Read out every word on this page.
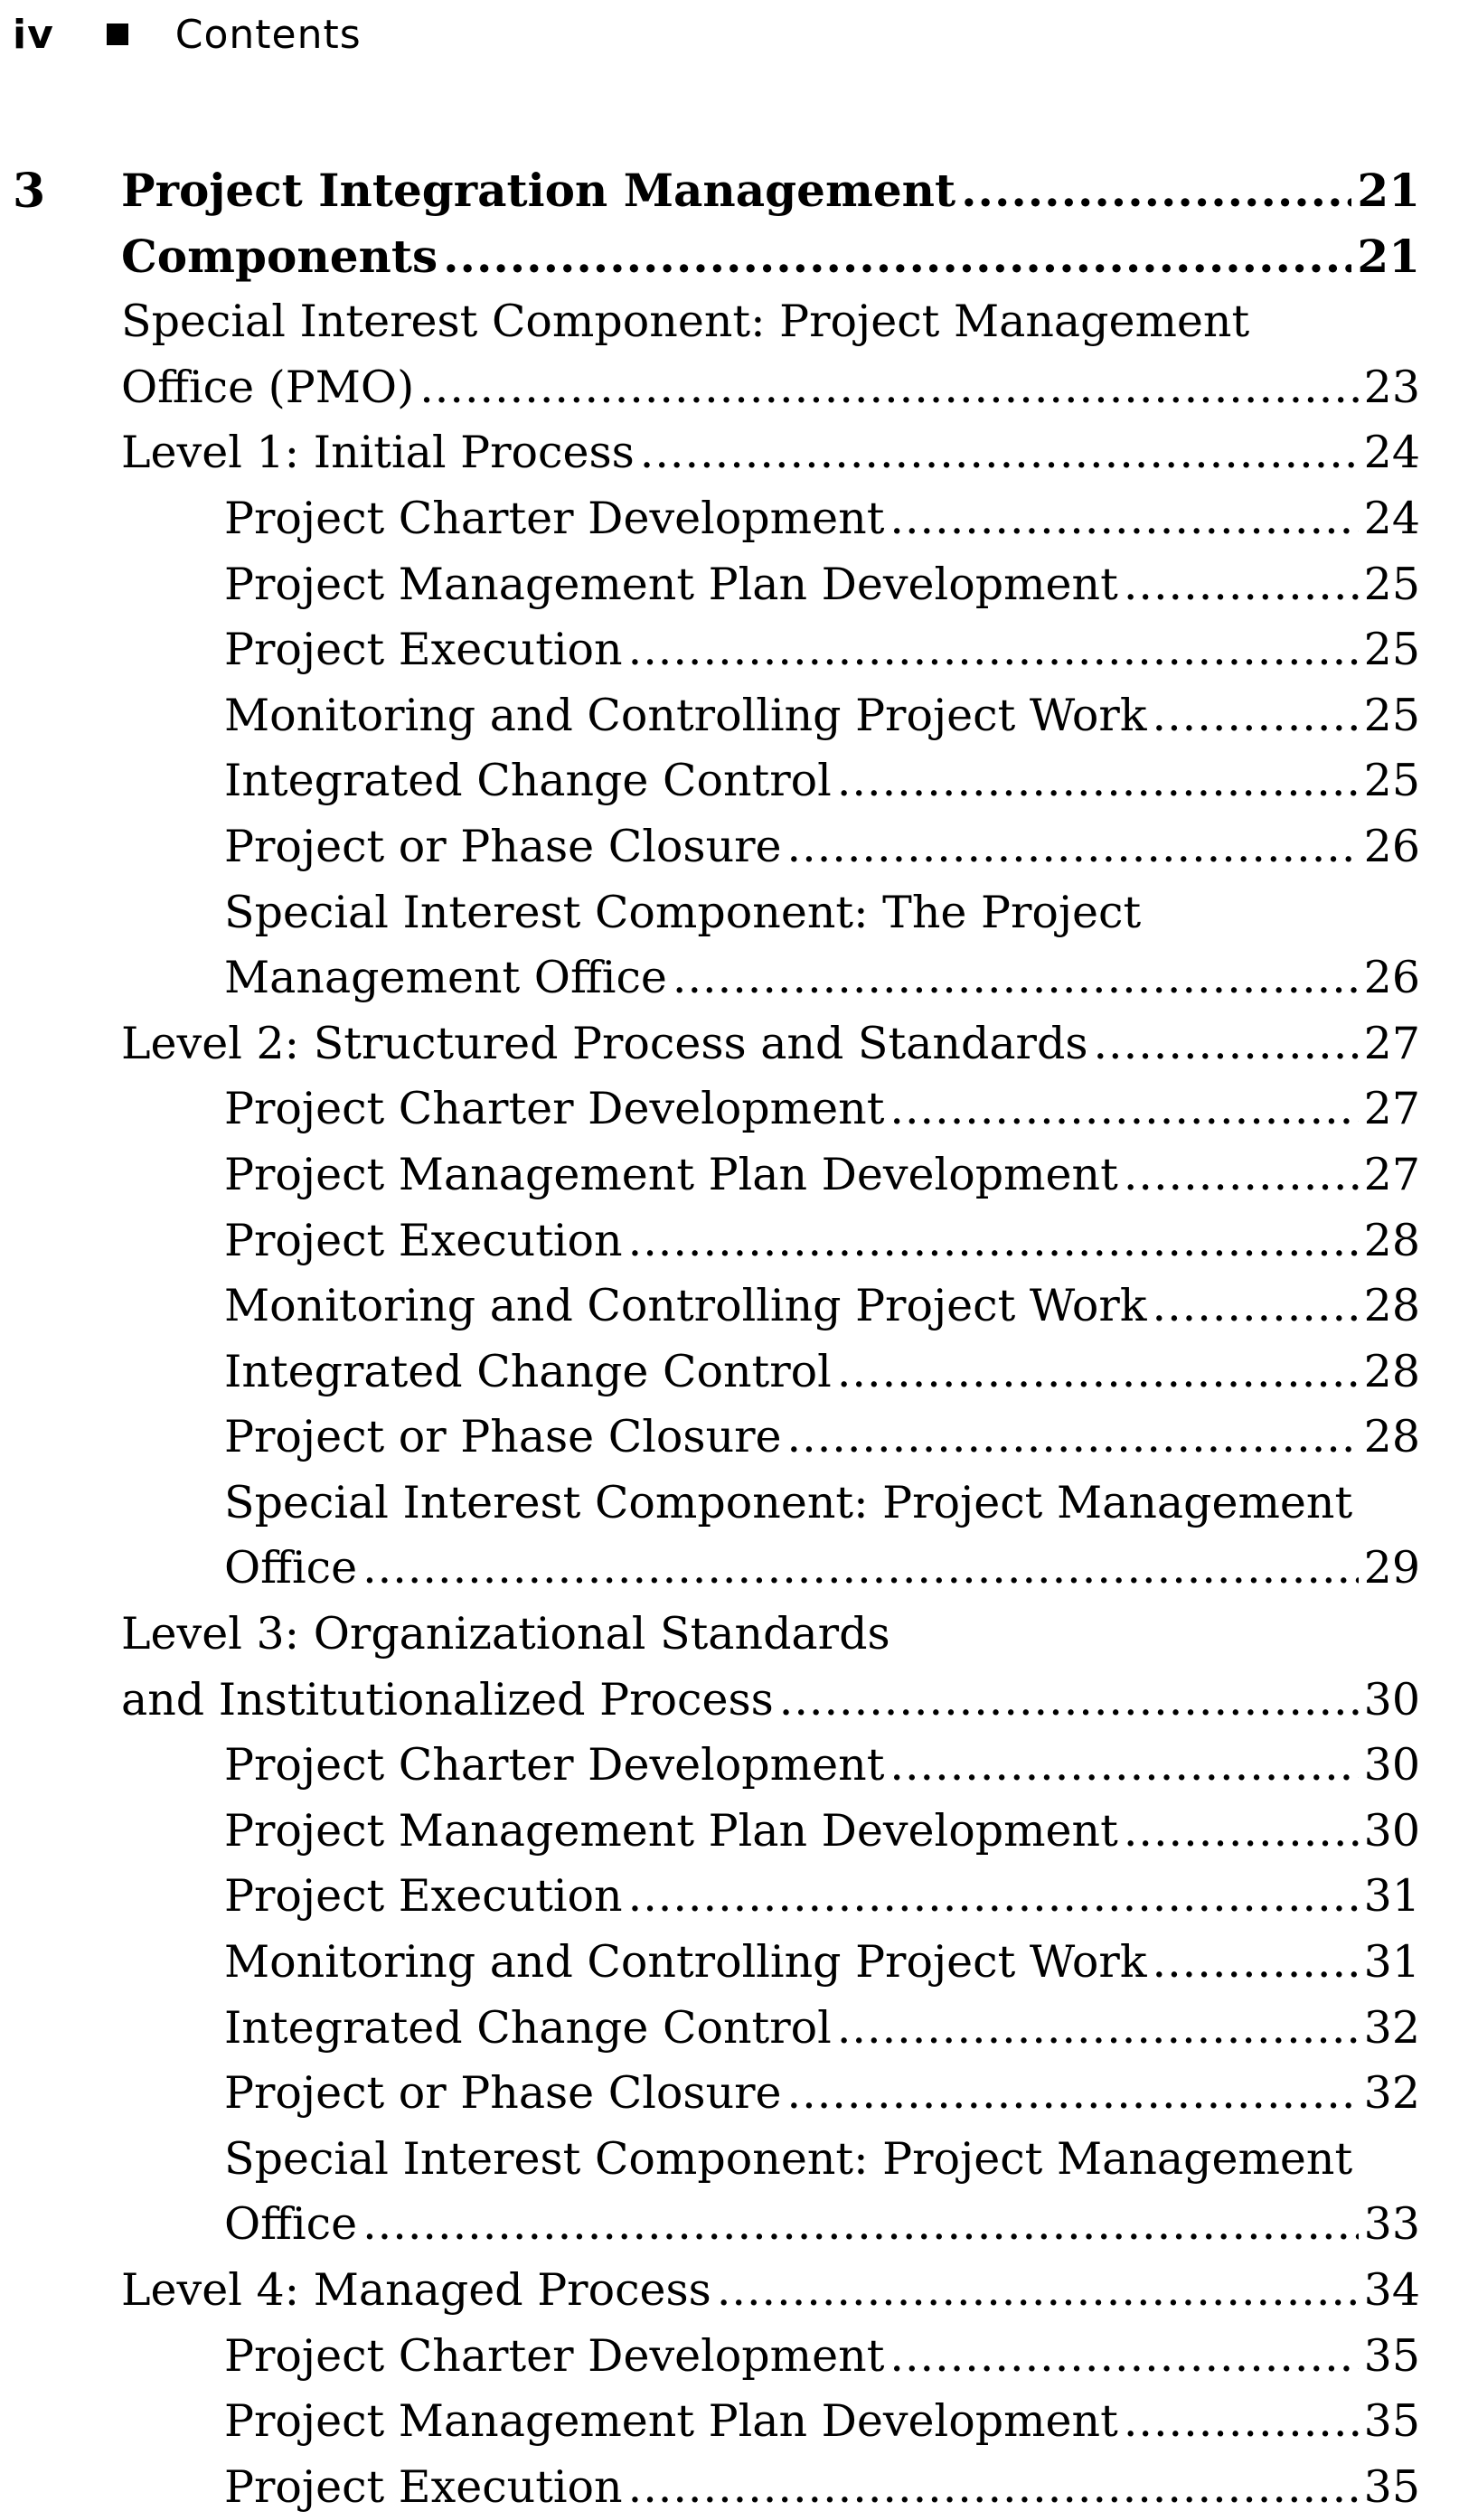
iv	Contents
3 Project Integration Management .....	21
Components .....	21
Special Interest Component: Project Management
Office (PMO) .....	23
Level 1: Initial Process .....	24
Project Charter Development .....	24
Project Management Plan Development .....	25
Project Execution .....	25
Monitoring and Controlling Project Work .....	25
Integrated Change Control .....	25
Project or Phase Closure .....	26
Special Interest Component: The Project
Management Office .....	26
Level 2: Structured Process and Standards .....	27
Project Charter Development .....	27
Project Management Plan Development .....	27
Project Execution .....	28
Monitoring and Controlling Project Work .....	28
Integrated Change Control .....	28
Project or Phase Closure .....	28
Special Interest Component: Project Management
Office .....	29
Level 3: Organizational Standards
and Institutionalized Process .....	30
Project Charter Development .....	30
Project Management Plan Development .....	30
Project Execution .....	31
Monitoring and Controlling Project Work .....	31
Integrated Change Control .....	32
Project or Phase Closure .....	32
Special Interest Component: Project Management
Office .....	33
Level 4: Managed Process .....	34
Project Charter Development .....	35
Project Management Plan Development .....	35
Project Execution .....	35
